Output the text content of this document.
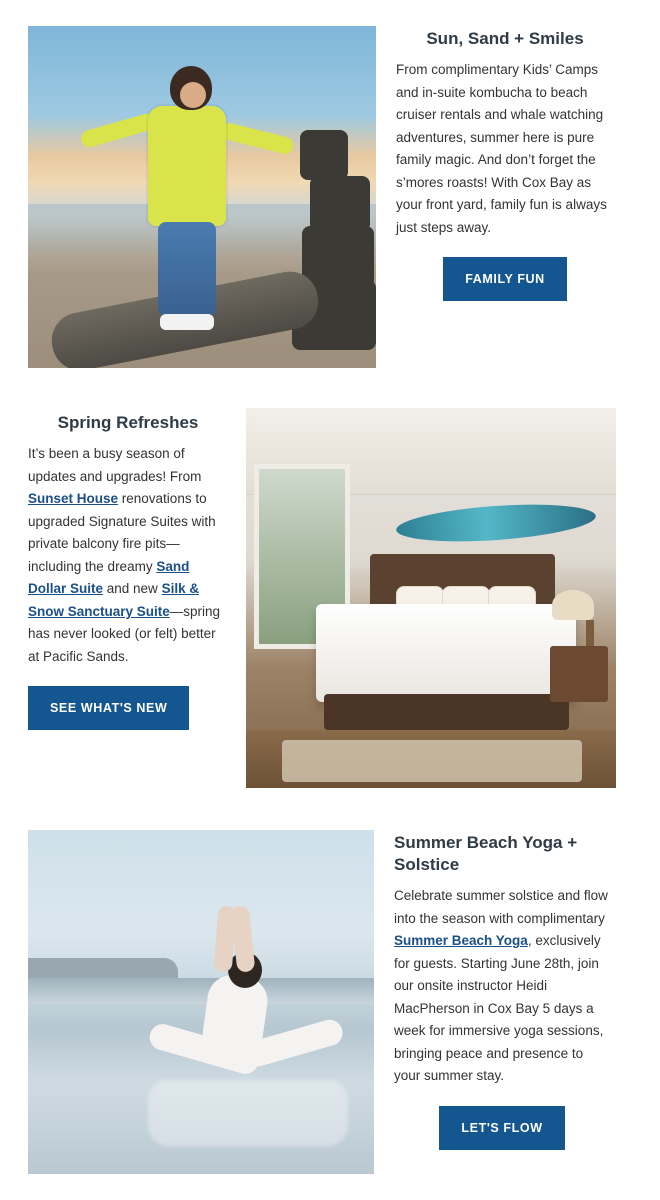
Sun, Sand + Smiles

From complimentary Kids’ Camps and in-suite kombucha to beach cruiser rentals and whale watching adventures, summer here is pure family magic. And don’t forget the s’mores roasts! With Cox Bay as your front yard, family fun is always just steps away.

FAMILY FUN
Spring Refreshes

It’s been a busy season of updates and upgrades! From Sunset House renovations to upgraded Signature Suites with private balcony fire pits—including the dreamy Sand Dollar Suite and new Silk & Snow Sanctuary Suite—spring has never looked (or felt) better at Pacific Sands.

SEE WHAT'S NEW
Summer Beach Yoga + Solstice

Celebrate summer solstice and flow into the season with complimentary Summer Beach Yoga, exclusively for guests. Starting June 28th, join our onsite instructor Heidi MacPherson in Cox Bay 5 days a week for immersive yoga sessions, bringing peace and presence to your summer stay.

LET'S FLOW
